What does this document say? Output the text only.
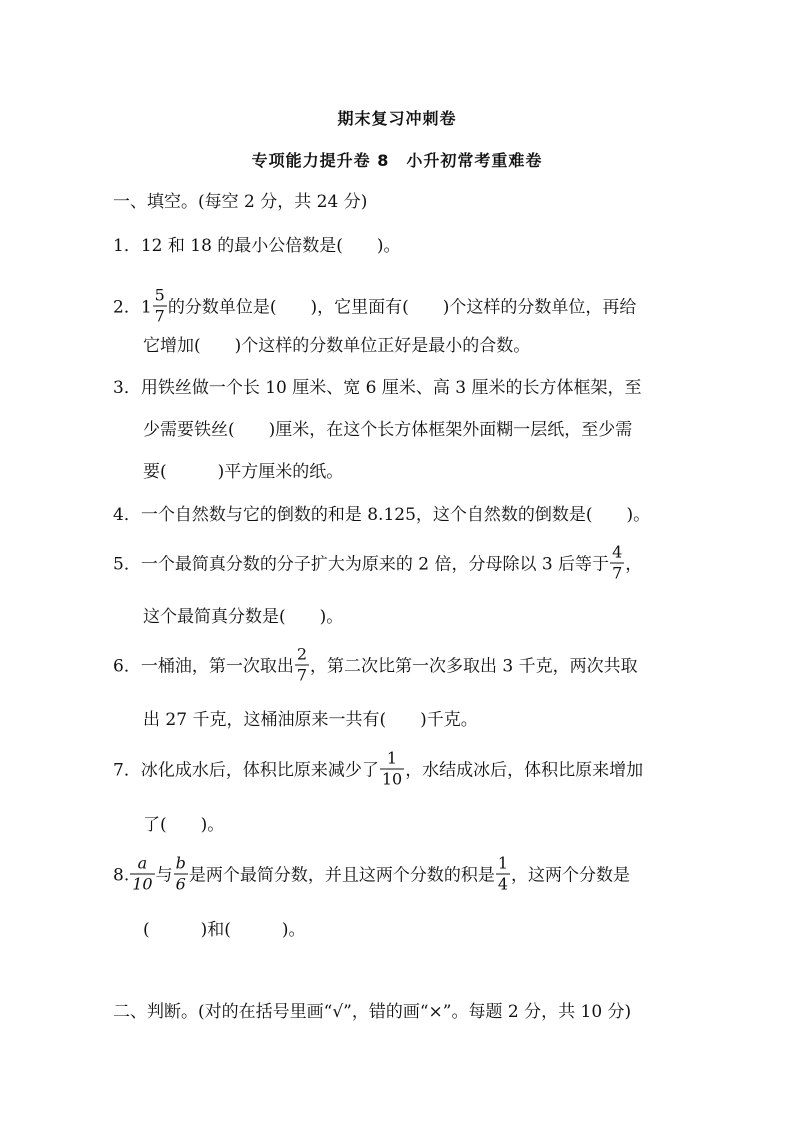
期末复习冲刺卷
专项能力提升卷 8　小升初常考重难卷
一、填空。(每空 2 分，共 24 分)
1．12 和 18 的最小公倍数是(　　)。
2．$1 \frac{5}{7}$ 的分数单位是(　　)，它里面有(　　)个这样的分数单位，再给
它增加(　　)个这样的分数单位正好是最小的合数。
3．用铁丝做一个长 10 厘米、宽 6 厘米、高 3 厘米的长方体框架，至
少需要铁丝(　　)厘米，在这个长方体框架外面糊一层纸，至少需
要(　　　)平方厘米的纸。
4．一个自然数与它的倒数的和是 8.125，这个自然数的倒数是(　　)。
5．一个最简真分数的分子扩大为原来的 2 倍，分母除以 3 后等于 $\frac{4}{7}$ ，
这个最简真分数是(　　)。
6．一桶油，第一次取出 $\frac{2}{7}$ ，第二次比第一次多取出 3 千克，两次共取
出 27 千克，这桶油原来一共有(　　)千克。
7．冰化成水后，体积比原来减少了 $\frac{1}{10}$ ，水结成冰后，体积比原来增加
了(　　)。
8. $\frac{a}{10}$ 与 $\frac{b}{6}$ 是两个最简分数，并且这两个分数的积是 $\frac{1}{4}$ ，这两个分数是
(　　　)和(　　　)。
二、判断。(对的在括号里画“√”，错的画“×”。每题 2 分，共 10 分)
